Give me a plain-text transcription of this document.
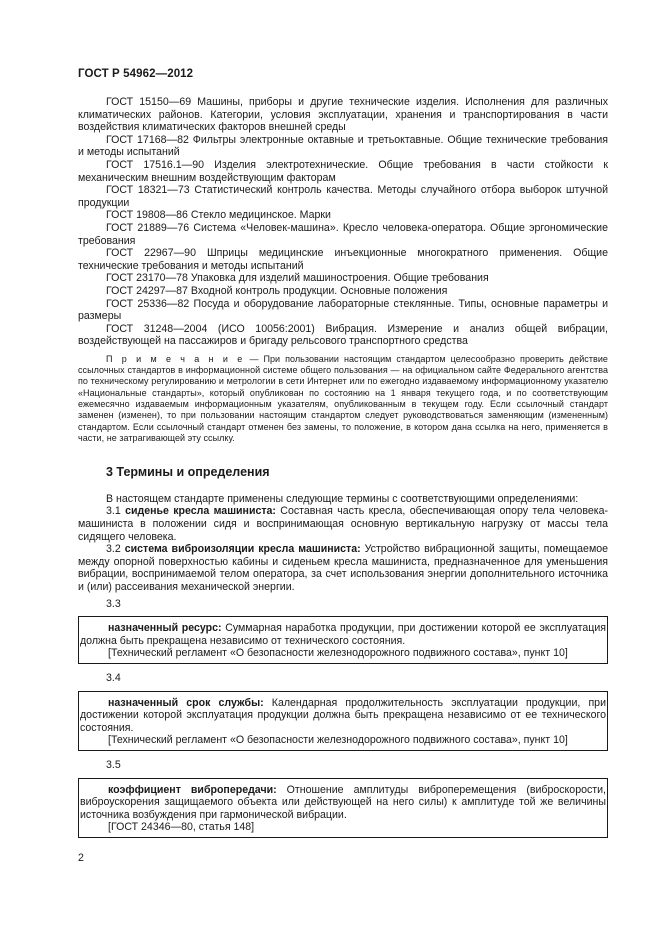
ГОСТ Р 54962—2012

ГОСТ 15150—69 Машины, приборы и другие технические изделия. Исполнения для различных климатических районов. Категории, условия эксплуатации, хранения и транспортирования в части воздействия климатических факторов внешней среды

ГОСТ 17168—82 Фильтры электронные октавные и третьоктавные. Общие технические требования и методы испытаний

ГОСТ 17516.1—90 Изделия электротехнические. Общие требования в части стойкости к механическим внешним воздействующим факторам

ГОСТ 18321—73 Статистический контроль качества. Методы случайного отбора выборок штучной продукции

ГОСТ 19808—86 Стекло медицинское. Марки

ГОСТ 21889—76 Система «Человек-машина». Кресло человека-оператора. Общие эргономические требования

ГОСТ 22967—90 Шприцы медицинские инъекционные многократного применения. Общие технические требования и методы испытаний

ГОСТ 23170—78 Упаковка для изделий машиностроения. Общие требования

ГОСТ 24297—87 Входной контроль продукции. Основные положения

ГОСТ 25336—82 Посуда и оборудование лабораторные стеклянные. Типы, основные параметры и размеры

ГОСТ 31248—2004 (ИСО 10056:2001) Вибрация. Измерение и анализ общей вибрации, воздействующей на пассажиров и бригаду рельсового транспортного средства

П р и м е ч а н и е — При пользовании настоящим стандартом целесообразно проверить действие ссылочных стандартов в информационной системе общего пользования — на официальном сайте Федерального агентства по техническому регулированию и метрологии в сети Интернет или по ежегодно издаваемому информационному указателю «Национальные стандарты», который опубликован по состоянию на 1 января текущего года, и по соответствующим ежемесячно издаваемым информационным указателям, опубликованным в текущем году. Если ссылочный стандарт заменен (изменен), то при пользовании настоящим стандартом следует руководствоваться заменяющим (измененным) стандартом. Если ссылочный стандарт отменен без замены, то положение, в котором дана ссылка на него, применяется в части, не затрагивающей эту ссылку.

3 Термины и определения

В настоящем стандарте применены следующие термины с соответствующими определениями:

3.1 сиденье кресла машиниста: Составная часть кресла, обеспечивающая опору тела человека-машиниста в положении сидя и воспринимающая основную вертикальную нагрузку от массы тела сидящего человека.

3.2 система виброизоляции кресла машиниста: Устройство вибрационной защиты, помещаемое между опорной поверхностью кабины и сиденьем кресла машиниста, предназначенное для уменьшения вибрации, воспринимаемой телом оператора, за счет использования энергии дополнительного источника и (или) рассеивания механической энергии.

3.3

назначенный ресурс: Суммарная наработка продукции, при достижении которой ее эксплуатация должна быть прекращена независимо от технического состояния.

[Технический регламент «О безопасности железнодорожного подвижного состава», пункт 10]

3.4

назначенный срок службы: Календарная продолжительность эксплуатации продукции, при достижении которой эксплуатация продукции должна быть прекращена независимо от ее технического состояния.

[Технический регламент «О безопасности железнодорожного подвижного состава», пункт 10]

3.5

коэффициент вибропередачи: Отношение амплитуды виброперемещения (виброскорости, виброускорения защищаемого объекта или действующей на него силы) к амплитуде той же величины источника возбуждения при гармонической вибрации.

[ГОСТ 24346—80, статья 148]

2
